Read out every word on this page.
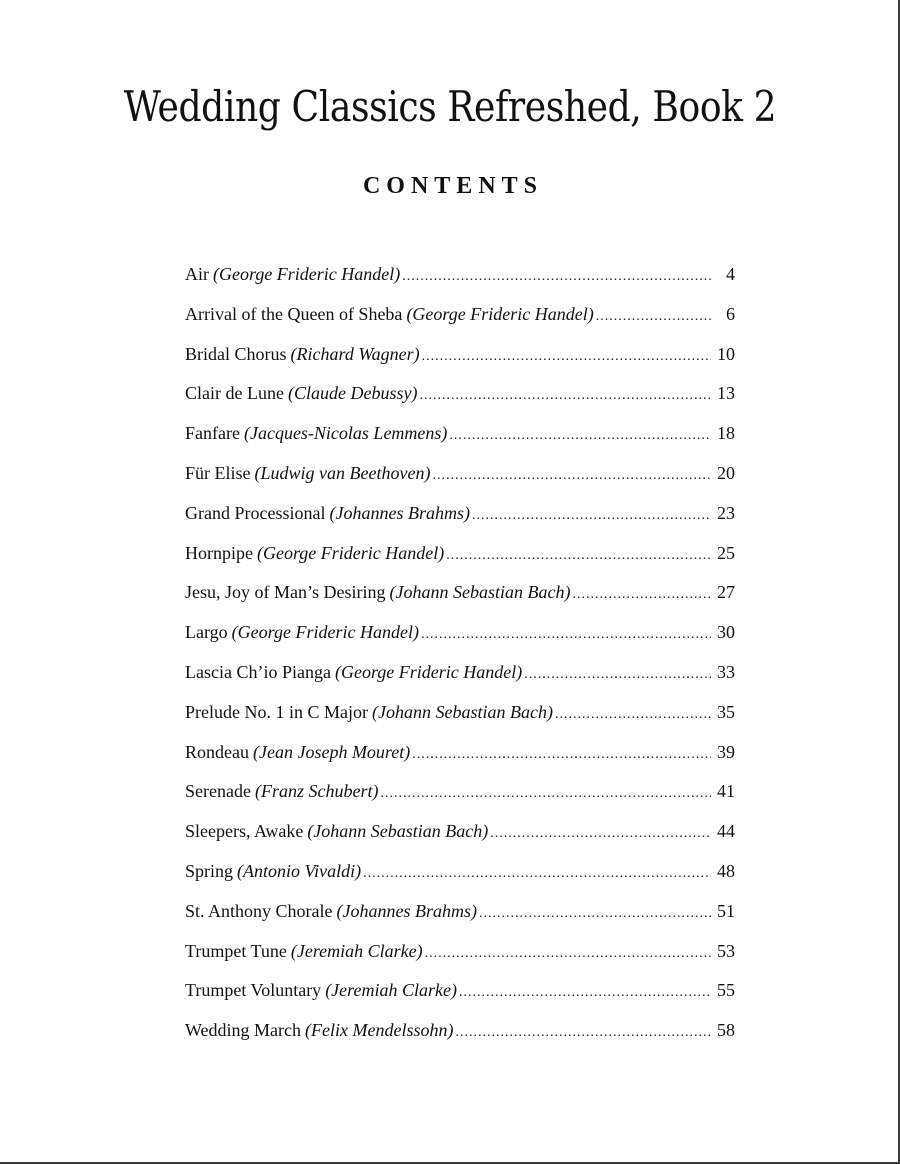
Wedding Classics Refreshed, Book 2
CONTENTS
Air (George Frideric Handel) .....	4
Arrival of the Queen of Sheba (George Frideric Handel) .....	6
Bridal Chorus (Richard Wagner) .....	10
Clair de Lune (Claude Debussy) .....	13
Fanfare (Jacques-Nicolas Lemmens) .....	18
Für Elise (Ludwig van Beethoven) .....	20
Grand Processional (Johannes Brahms) .....	23
Hornpipe (George Frideric Handel) .....	25
Jesu, Joy of Man’s Desiring (Johann Sebastian Bach) .....	27
Largo (George Frideric Handel) .....	30
Lascia Ch’io Pianga (George Frideric Handel) .....	33
Prelude No. 1 in C Major (Johann Sebastian Bach) .....	35
Rondeau (Jean Joseph Mouret) .....	39
Serenade (Franz Schubert) .....	41
Sleepers, Awake (Johann Sebastian Bach) .....	44
Spring (Antonio Vivaldi) .....	48
St. Anthony Chorale (Johannes Brahms) .....	51
Trumpet Tune (Jeremiah Clarke) .....	53
Trumpet Voluntary (Jeremiah Clarke) .....	55
Wedding March (Felix Mendelssohn) .....	58
